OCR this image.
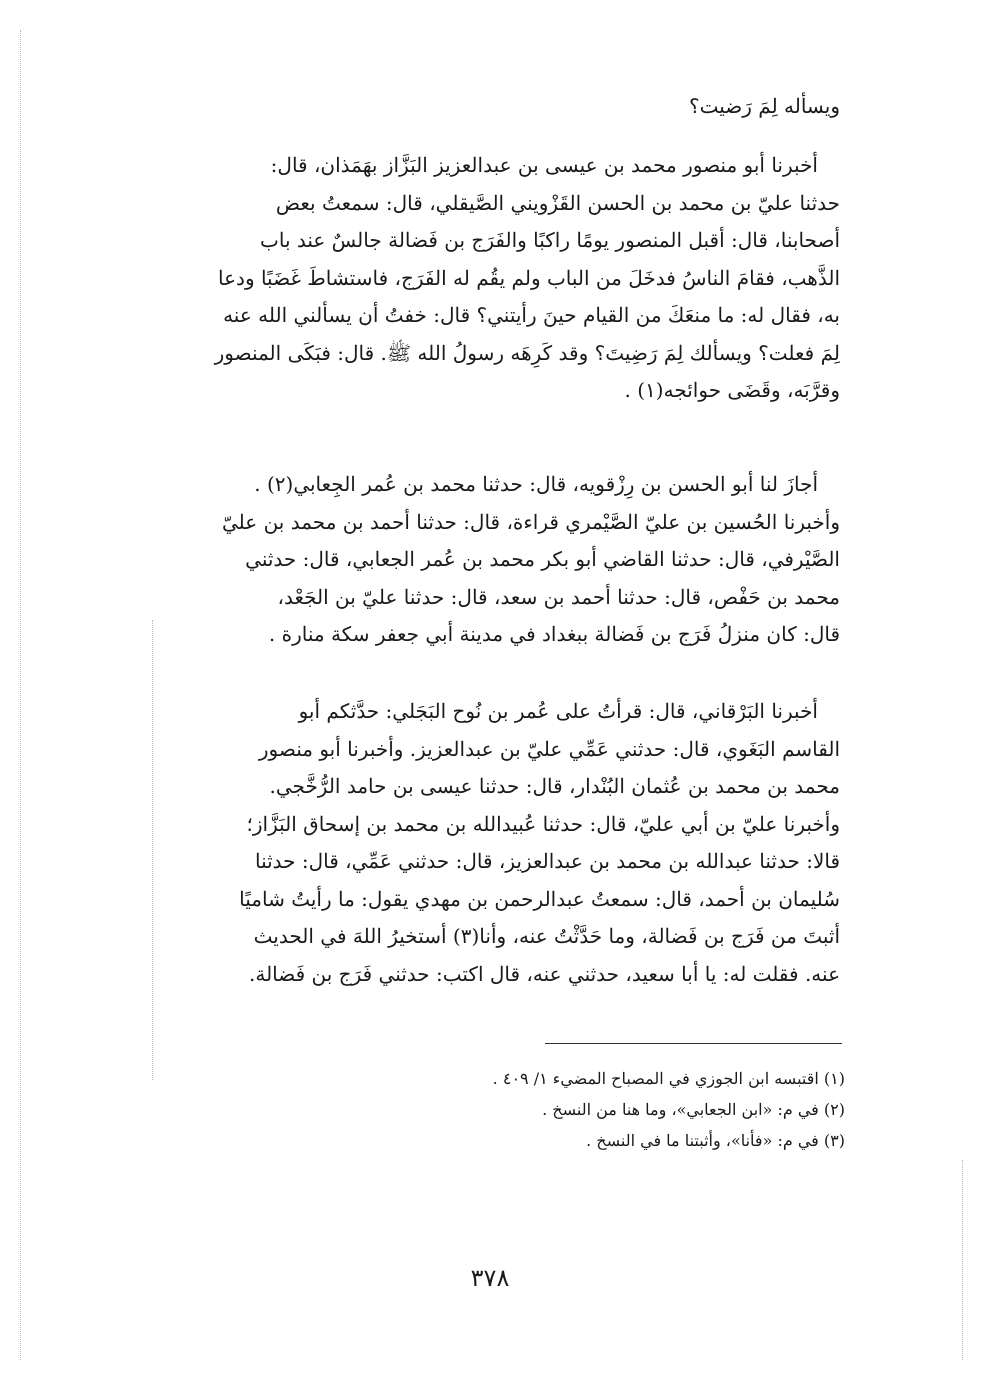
ويسأله لِمَ رَضيت؟
أخبرنا أبو منصور محمد بن عيسى بن عبدالعزيز البَزَّاز بهَمَذان، قال:
حدثنا عليّ بن محمد بن الحسن القَزْويني الصَّيقلي، قال: سمعتُ بعض
أصحابنا، قال: أقبل المنصور يومًا راكبًا والفَرَج بن فَضالة جالسٌ عند باب
الذَّهب، فقامَ الناسُ فدخَلَ من الباب ولم يقُم له الفَرَج، فاستشاطَ غَضَبًا ودعا
به، فقال له: ما منعَكَ من القيام حينَ رأيتني؟ قال: خفتُ أن يسألني الله عنه
لِمَ فعلت؟ ويسألك لِمَ رَضِيتَ؟ وقد كَرِهَه رسولُ الله ﷺ. قال: فبَكَى المنصور
وقرَّبَه، وقَضَى حوائجه(١) .
أجازَ لنا أبو الحسن بن رِزْقويه، قال: حدثنا محمد بن عُمر الجِعابي(٢) .
وأخبرنا الحُسين بن عليّ الصَّيْمري قراءة، قال: حدثنا أحمد بن محمد بن عليّ
الصَّيْرفي، قال: حدثنا القاضي أبو بكر محمد بن عُمر الجعابي، قال: حدثني
محمد بن حَفْص، قال: حدثنا أحمد بن سعد، قال: حدثنا عليّ بن الجَعْد،
قال: كان منزلُ فَرَج بن فَضالة ببغداد في مدينة أبي جعفر سكة منارة .
أخبرنا البَرْقاني، قال: قرأتُ على عُمر بن نُوح البَجَلي: حدَّثكم أبو
القاسم البَغَوي، قال: حدثني عَمِّي عليّ بن عبدالعزيز. وأخبرنا أبو منصور
محمد بن محمد بن عُثمان البُنْدار، قال: حدثنا عيسى بن حامد الرُّخَّجي.
وأخبرنا عليّ بن أبي عليّ، قال: حدثنا عُبيدالله بن محمد بن إسحاق البَزَّاز؛
قالا: حدثنا عبدالله بن محمد بن عبدالعزيز، قال: حدثني عَمِّي، قال: حدثنا
سُليمان بن أحمد، قال: سمعتُ عبدالرحمن بن مهدي يقول: ما رأيتُ شاميًا
أثبتَ من فَرَج بن فَضالة، وما حَدَّثْتُ عنه، وأنا(٣) أستخيرُ اللهَ في الحديث
عنه. فقلت له: يا أبا سعيد، حدثني عنه، قال اكتب: حدثني فَرَج بن فَضالة.
(١) اقتبسه ابن الجوزي في المصباح المضيء ١/ ٤٠٩ .
(٢) في م: «ابن الجعابي»، وما هنا من النسخ .
(٣) في م: «فأنا»، وأثبتنا ما في النسخ .
٣٧٨
